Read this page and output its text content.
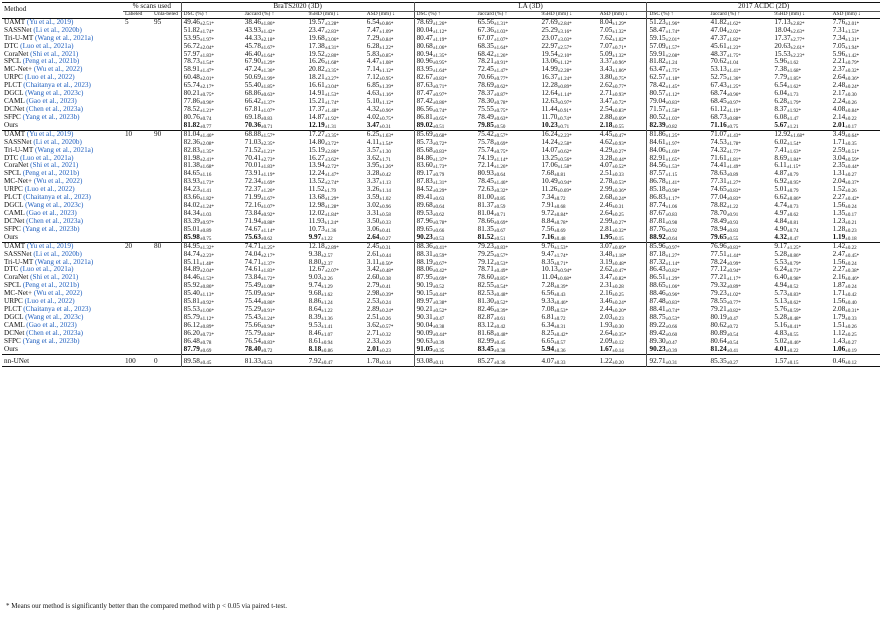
Method	% scans used		BraTS2020 (3D)				LA (3D)				2017 ACDC (2D)			
	Labeled	Unla-beled	DSC (%) ↑	Jaccard (%) ↑	95HD (mm) ↓	ASD (mm) ↓	DSC (%) ↑	Jaccard (%) ↑	95HD (mm) ↓	ASD (mm) ↓	DSC (%) ↑	Jaccard (%) ↑	95HD (mm) ↓	ASD (mm) ↓
UAMT (Yu et al., 2019)	5	95	49.46±2.51*	38.46±1.86*	19.57±3.28*	6.54±0.86*	78.69±1.26*	65.56±1.31*	27.69±2.84*	8.04±1.29*	51.23±1.96*	41.82±1.62*	17.13±2.82*	7.76±2.01*
SASSNet (Li et al., 2020b)			51.82±1.74*	43.93±1.42*	23.47±2.83*	7.47±1.09*	80.04±1.12*	67.36±1.03*	25.29±3.16*	7.05±1.32*	58.47±1.74*	47.04±2.02*	18.04±2.63*	7.31±1.53*
Tri-U-MT (Wang et al., 2021a)			53.95±1.97*	44.33±2.18*	19.68±3.06*	7.29±0.84*	80.47±1.19*	67.07±1.07*	23.07±3.03*	7.62±1.02*	59.15±2.01*	47.37±1.82*	17.37±2.77*	7.34±1.31*
DTC (Luo et al., 2021a)			56.72±2.04*	45.78±1.67*	17.38±4.31*	6.28±1.22*	80.68±1.06*	68.35±1.64*	22.97±2.57*	7.07±0.71*	57.09±1.57*	45.61±1.23*	20.63±2.61*	7.05±1.94*
CoraNet (Shi et al., 2021)			57.97±1.83*	46.40±1.64*	19.52±2.80*	5.83±0.85*	80.94±1.35*	68.42±1.26*	19.54±2.10*	5.09±1.32*	59.91±2.08*	48.37±1.75*	15.53±2.23*	5.96±1.42*
SPCL (Peng et al., 2021b)			78.73±1.54*	67.90±1.29*	16.26±1.68*	4.47±1.08*	80.96±0.95*	78.21±0.91*	13.06±1.12*	3.37±0.96*	81.82±1.24	70.62±1.04	5.96±1.62	2.21±0.79*
MC-Net+ (Wu et al., 2022)			58.91±1.47*	47.24±1.36*	20.82±3.35*	7.14±1.12*	83.95±1.64*	72.45±1.47*	14.99±2.28*	3.43±1.06*	63.47±1.75*	53.13±1.41*	7.38±1.68*	2.37±0.32*
URPC (Luo et al., 2022)			60.48±2.01*	50.69±1.99*	18.21±3.27*	7.12±0.95*	82.67±0.83*	70.66±0.77*	16.37±1.24*	3.80±0.75*	62.57±1.18*	52.75±1.36*	7.79±1.85*	2.64±0.36*
PLCT (Chaitanya et al., 2023)			65.74±2.17*	55.40±1.85*	16.61±3.04*	6.85±1.39*	87.63±0.71*	78.69±0.62*	12.28±0.89*	2.62±0.77*	78.42±1.45*	67.43±1.25*	6.54±1.62*	2.48±0.24*
DGCL (Wang et al., 2023c)			80.21±0.75*	68.86±0.63*	14.91±1.53*	4.63±1.16*	87.47±0.97*	78.37±0.87*	12.64±1.14*	2.71±0.93*	80.57±1.12*	68.74±0.96*	6.04±1.73	2.17±0.30
CAML (Gao et al., 2023)			77.86±0.96*	66.42±1.37*	15.21±1.74*	5.10±1.12*	87.42±0.86*	78.30±0.78*	12.63±0.97*	3.47±0.72*	79.04±0.83*	68.45±0.97*	6.28±1.79*	2.24±0.26
DCNet (Chen et al., 2023a)			78.52±1.21*	67.81±1.07*	17.37±1.48*	4.32±0.96*	86.56±0.74*	75.55±0.75*	11.44±0.91*	2.54±0.83*	71.57±1.58*	61.12±1.19*	8.37±1.92*	4.08±0.84*
SFPC (Yang et al., 2023b)			80.76±0.74	69.18±0.83	14.87±1.92*	4.02±0.75*	86.81±0.65*	78.49±0.63*	11.70±0.74*	2.88±0.69*	80.52±1.03*	68.73±0.88*	6.08±1.47	2.14±0.22
Ours			81.82±0.77	70.36±0.71	12.19±1.31	3.47±0.31	89.02±0.51	79.85±0.50	10.23±0.71	2.18±0.55	82.39±0.82	71.16±0.75	5.67±1.21	2.01±0.17
UAMT (Yu et al., 2019)	10	90	81.04±1.46*	68.88±1.57*	17.27±3.35*	6.25±1.63*	85.69±0.68*	75.42±0.57*	16.24±2.23*	4.45±0.47*	81.86±1.25*	71.07±1.43*	12.92±1.68*	3.49±0.64*
SASSNet (Li et al., 2020b)			82.36±2.08*	71.03±2.35*	14.80±3.72*	4.11±1.54*	85.73±0.72*	75.78±0.69*	14.24±2.58*	4.62±0.93*	84.61±1.97*	74.53±1.78*	6.02±1.54*	1.71±0.35
Tri-U-MT (Wang et al., 2021a)			82.83±1.35*	71.52±1.21*	15.19±2.86*	3.57±1.30	85.68±0.83*	75.74±0.75*	14.07±0.62*	4.29±0.27*	84.06±1.69*	74.32±1.77*	7.41±1.63*	2.59±0.51*
DTC (Luo et al., 2021a)			81.98±2.41*	70.41±2.73*	16.27±3.62*	3.62±1.71	84.86±1.37*	74.19±1.14*	13.25±0.56*	3.28±0.44*	82.91±1.65*	71.61±1.81*	8.69±1.84*	3.04±0.59*
CoraNet (Shi et al., 2021)			81.38±1.68*	70.01±1.83*	13.94±2.72*	3.95±1.26*	83.60±1.73*	72.14±1.26*	17.06±1.58*	4.07±0.52*	84.56±1.53*	74.41±1.49*	6.11±1.15*	2.35±0.44*
SPCL (Peng et al., 2021b)			84.65±1.16	73.91±1.19*	12.24±1.47*	3.28±0.42	89.17±0.79	80.93±0.64	7.68±0.81	2.51±0.33	87.57±1.15	78.63±0.89	4.87±0.79	1.31±0.27
MC-Net+ (Wu et al., 2022)			83.93±1.73*	72.34±1.69*	13.52±2.74*	3.37±1.13	87.83±1.31*	78.45±1.46*	10.49±0.94*	2.78±0.53*	86.78±1.41*	77.31±1.27*	6.92±0.95*	2.04±0.37*
URPC (Luo et al., 2022)			84.23±1.41	72.37±1.26*	11.52±1.79	3.26±1.14	84.52±0.29*	72.63±0.32*	11.26±0.69*	2.99±0.36*	85.18±0.98*	74.65±0.83*	5.01±0.79	1.52±0.26
PLCT (Chaitanya et al., 2023)			83.66±1.82*	71.99±1.67*	13.68±1.29*	3.59±1.02	89.41±0.63	81.00±0.85	7.34±0.72	2.68±0.24*	86.83±1.17*	77.04±0.83*	6.62±0.86*	2.27±0.42*
DGCL (Wang et al., 2023c)			84.02±1.24*	72.16±1.07*	12.98±1.28*	3.02±0.96	89.68±0.64	81.37±0.59	7.91±0.68	2.46±0.31	87.74±1.06	78.82±1.22	4.74±0.73	1.56±0.24
CAML (Gao et al., 2023)			84.34±1.03	73.84±0.92*	12.02±1.84*	3.31±0.58	89.53±0.62	81.04±0.71	9.72±0.84*	2.64±0.25	87.67±0.83	78.70±0.91	4.97±0.62	1.35±0.17
DCNet (Chen et al., 2023a)			83.39±0.97*	71.94±0.88*	11.93±1.24*	3.50±0.33	87.96±0.78*	78.66±0.69*	8.84±0.78*	2.99±0.27*	87.81±0.98	78.49±0.93	4.84±0.81	1.23±0.21
SFPC (Yang et al., 2023b)			85.01±0.89	74.67±1.14*	10.73±1.36	3.06±0.41	89.65±0.66	81.35±0.67	7.56±0.69	2.81±0.32*	87.76±0.92	78.94±0.83	4.90±0.74	1.28±0.23
Ours			85.98±0.75	75.63±0.62	9.97±1.22	2.64±0.27	90.23±0.53	81.52±0.51	7.16±0.48	1.95±0.15	88.92±0.64	79.65±0.55	4.32±0.47	1.19±0.18
UAMT (Yu et al., 2019)	20	80	84.95±1.32*	74.71±1.25*	12.18±2.89*	2.45±0.31	88.36±0.41*	79.23±0.83*	9.76±1.53*	3.07±0.69*	85.96±0.97*	76.96±0.83*	9.17±1.25*	1.42±0.22
SASSNet (Li et al., 2020b)			84.74±2.23*	74.04±2.17*	9.38±2.57	2.61±0.44	88.31±0.59*	79.25±0.57*	9.47±1.74*	3.48±1.18*	87.18±1.27*	77.51±1.44*	5.28±0.86*	2.47±0.45*
Tri-U-MT (Wang et al., 2021a)			85.11±1.48*	74.71±1.37*	8.80±2.37	3.11±0.50*	88.19±0.67*	79.12±0.53*	8.35±0.71*	3.19±0.48*	87.32±1.14*	78.24±0.99*	5.53±0.79*	1.56±0.24
DTC (Luo et al., 2021a)			84.89±2.04*	74.61±1.83*	12.67±2.07*	3.42±0.48*	88.06±0.42*	78.71±0.49*	10.13±0.94*	2.62±0.47*	86.43±0.82*	77.12±0.94*	6.24±0.73*	2.27±0.38*
CoraNet (Shi et al., 2021)			84.46±1.53*	73.84±1.72*	9.03±2.26	2.60±0.38	87.95±0.69*	78.60±0.85*	11.04±0.68*	3.47±0.82*	86.51±1.29*	77.21±1.17*	6.40±0.98*	2.16±0.46*
SPCL (Peng et al., 2021b)			85.92±0.86*	75.49±1.08*	9.74±1.29	2.79±0.41	90.19±0.52	82.55±0.54*	7.28±0.39*	2.31±0.28	88.65±1.06*	79.32±0.89*	4.94±0.52	1.87±0.24
MC-Net+ (Wu et al., 2022)			85.40±1.13*	75.09±0.94*	9.68±1.62	2.98±0.39*	90.15±0.44*	82.53±0.48*	6.56±0.43	2.16±0.25	88.46±0.96*	79.23±1.02*	5.73±0.83*	1.71±0.42
URPC (Luo et al., 2022)			85.81±0.92*	75.44±0.86*	8.86±1.24	2.53±0.24	89.97±0.38*	81.30±0.52*	9.33±0.46*	3.46±0.24*	87.48±0.83*	78.55±0.77*	5.13±0.62*	1.56±0.40
PLCT (Chaitanya et al., 2023)			85.53±1.06*	75.29±0.91*	8.64±1.22	2.89±0.24*	90.21±0.52*	82.46±0.39*	7.08±0.53*	2.44±0.20*	88.41±0.74*	79.21±0.82*	5.76±0.59*	2.08±0.31*
DGCL (Wang et al., 2023c)			85.79±1.12*	75.43±1.24*	8.39±1.36	2.51±0.26	90.31±0.47	82.87±0.61	6.81±0.72	2.03±0.23	88.75±0.53*	80.19±0.47	5.28±0.48*	1.79±0.33
CAML (Gao et al., 2023)			86.12±0.89*	75.66±0.94*	9.53±1.41	3.62±0.57*	90.04±0.38	83.12±0.42	6.34±0.31	1.93±0.30	89.22±0.66	80.62±0.72	5.16±0.41*	1.51±0.26
DCNet (Chen et al., 2023a)			86.20±0.73*	75.79±0.84*	8.46±1.07	2.71±0.32	90.09±0.44*	81.68±0.48*	8.25±0.42*	2.64±0.35*	89.42±0.60	80.89±0.54	4.83±0.55	1.12±0.25
SFPC (Yang et al., 2023b)			86.48±0.78	76.54±0.83*	8.61±0.94	2.33±0.29	90.63±0.39	82.99±0.45	6.65±0.57	2.09±0.12	89.30±0.47	80.64±0.54	5.02±0.46*	1.43±0.27
Ours			87.79±0.69	78.40±0.72	8.18±0.86	2.01±0.23	91.05±0.35	83.45±0.38	5.94±0.36	1.67±0.14	90.23±0.39	81.24±0.41	4.01±0.22	1.06±0.19
nn-UNet	100	0	89.58±0.45	81.33±0.53	7.92±0.47	1.78±0.14	93.08±0.11	85.27±0.36	4.07±0.33	1.22±0.20	92.71±0.31	85.35±0.27	1.57±0.15	0.46±0.12
* Means our method is significantly better than the compared method with p < 0.05 via paired t-test.
